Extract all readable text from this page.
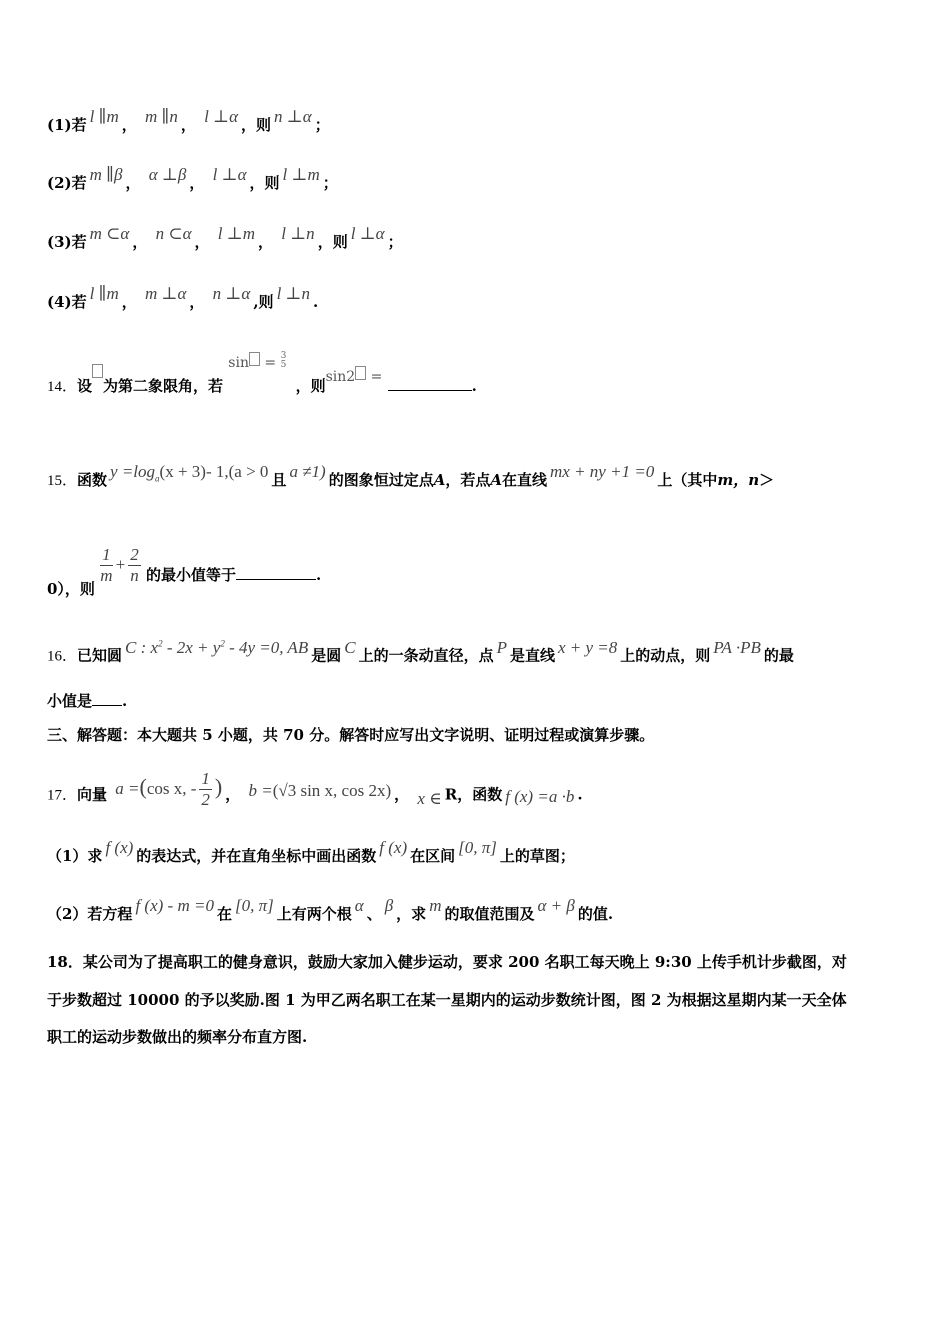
(1)若 l ∥m ， m ∥n ， l ⊥α ，则 n ⊥α ；
(2)若 m ∥β ， α ⊥β ， l ⊥α ，则 l ⊥m ；
(3)若 m ⊂α ， n ⊂α ， l ⊥m ， l ⊥n ，则 l ⊥α ；
(4)若 l ∥m ， m ⊥α ， n ⊥α ,则 l ⊥n .
14．设 为第二象限角，若 sin = 3
5
，则sin2 =	.
15．函数 $y =\log_a(x + 3)-$ 1,(a > 0 且 a ≠1) 的图象恒过定点A，若点A在直线 mx + ny +1 =0 上（其中m，n＞
0），则
$\frac{1}{m} + \frac{2}{n}$ 的最小值等于	.
16．已知圆 C : $x^2 - 2x + y^2 - 4y =0$, AB 是圆 C 上的一条动直径，点 P 是直线 x + y =8 上的动点，则 PA ·PB 的最
小值是 .
三、解答题：本大题共 5 小题，共 70 分。解答时应写出文字说明、证明过程或演算步骤。
17．向量 a =(cos x, - $\frac{1}{2}$ ) ， b =(√3 sin x, cos 2x) ， x ∈ R，函数 f (x) =a ·b .
（1）求 f (x) 的表达式，并在直角坐标中画出函数 f (x) 在区间 [0, π] 上的草图；
（2）若方程 f (x) - m =0 在 [0, π] 上有两个根 α 、 β ，求 m 的取值范围及 α + β 的值.
18．某公司为了提高职工的健身意识，鼓励大家加入健步运动，要求 200 名职工每天晚上 9:30 上传手机计步截图，对
于步数超过 10000 的予以奖励.图 1 为甲乙两名职工在某一星期内的运动步数统计图，图 2 为根据这星期内某一天全体
职工的运动步数做出的频率分布直方图.
